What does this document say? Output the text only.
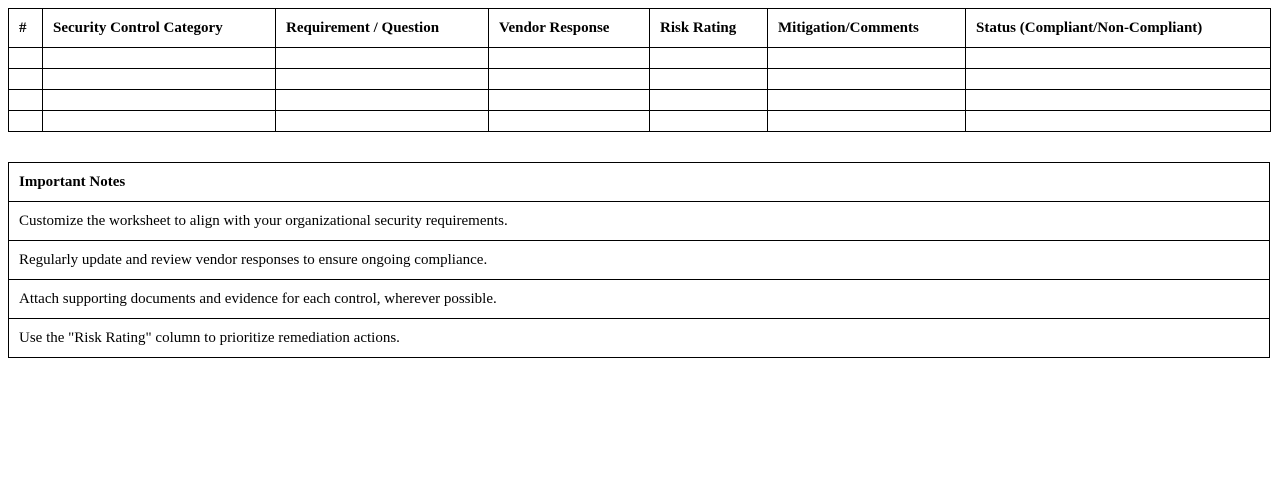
#	Security Control Category	Requirement / Question	Vendor Response	Risk Rating	Mitigation/Comments	Status (Compliant/Non-Compliant)

Important Notes
Customize the worksheet to align with your organizational security requirements.
Regularly update and review vendor responses to ensure ongoing compliance.
Attach supporting documents and evidence for each control, wherever possible.
Use the "Risk Rating" column to prioritize remediation actions.
